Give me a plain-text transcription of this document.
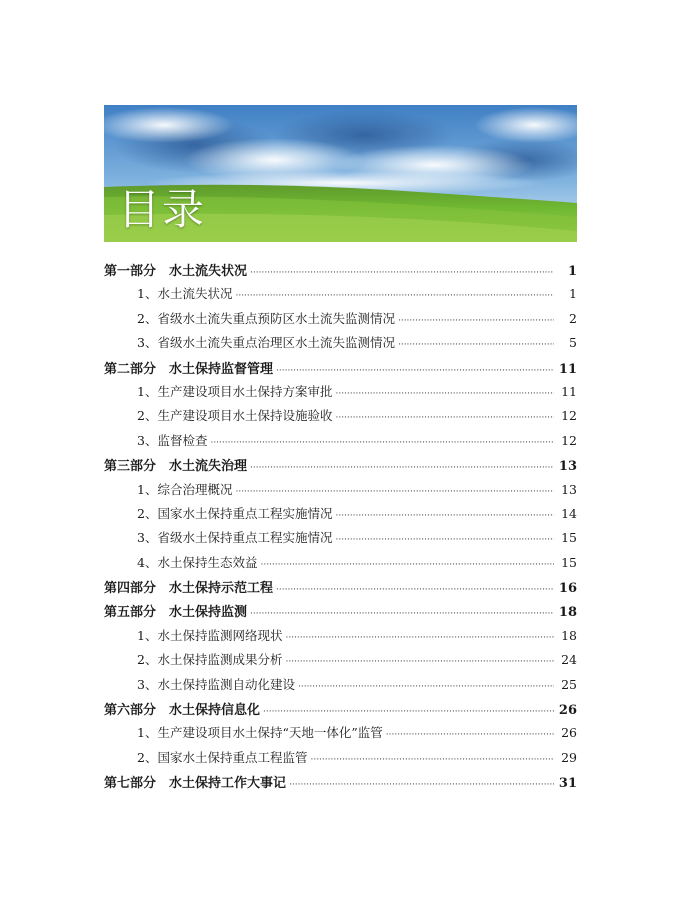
目录
第一部分　水土流失状况 ·····	1
1、水土流失状况 ·····	1
2、省级水土流失重点预防区水土流失监测情况 ·····	2
3、省级水土流失重点治理区水土流失监测情况 ·····	5
第二部分　水土保持监督管理 ·····	11
1、生产建设项目水土保持方案审批 ·····	11
2、生产建设项目水土保持设施验收 ·····	12
3、监督检查 ·····	12
第三部分　水土流失治理 ·····	13
1、综合治理概况 ·····	13
2、国家水土保持重点工程实施情况 ·····	14
3、省级水土保持重点工程实施情况 ·····	15
4、水土保持生态效益 ·····	15
第四部分　水土保持示范工程 ·····	16
第五部分　水土保持监测 ·····	18
1、水土保持监测网络现状 ·····	18
2、水土保持监测成果分析 ·····	24
3、水土保持监测自动化建设 ·····	25
第六部分　水土保持信息化 ·····	26
1、生产建设项目水土保持“天地一体化”监管 ·····	26
2、国家水土保持重点工程监管 ·····	29
第七部分　水土保持工作大事记 ·····	31
